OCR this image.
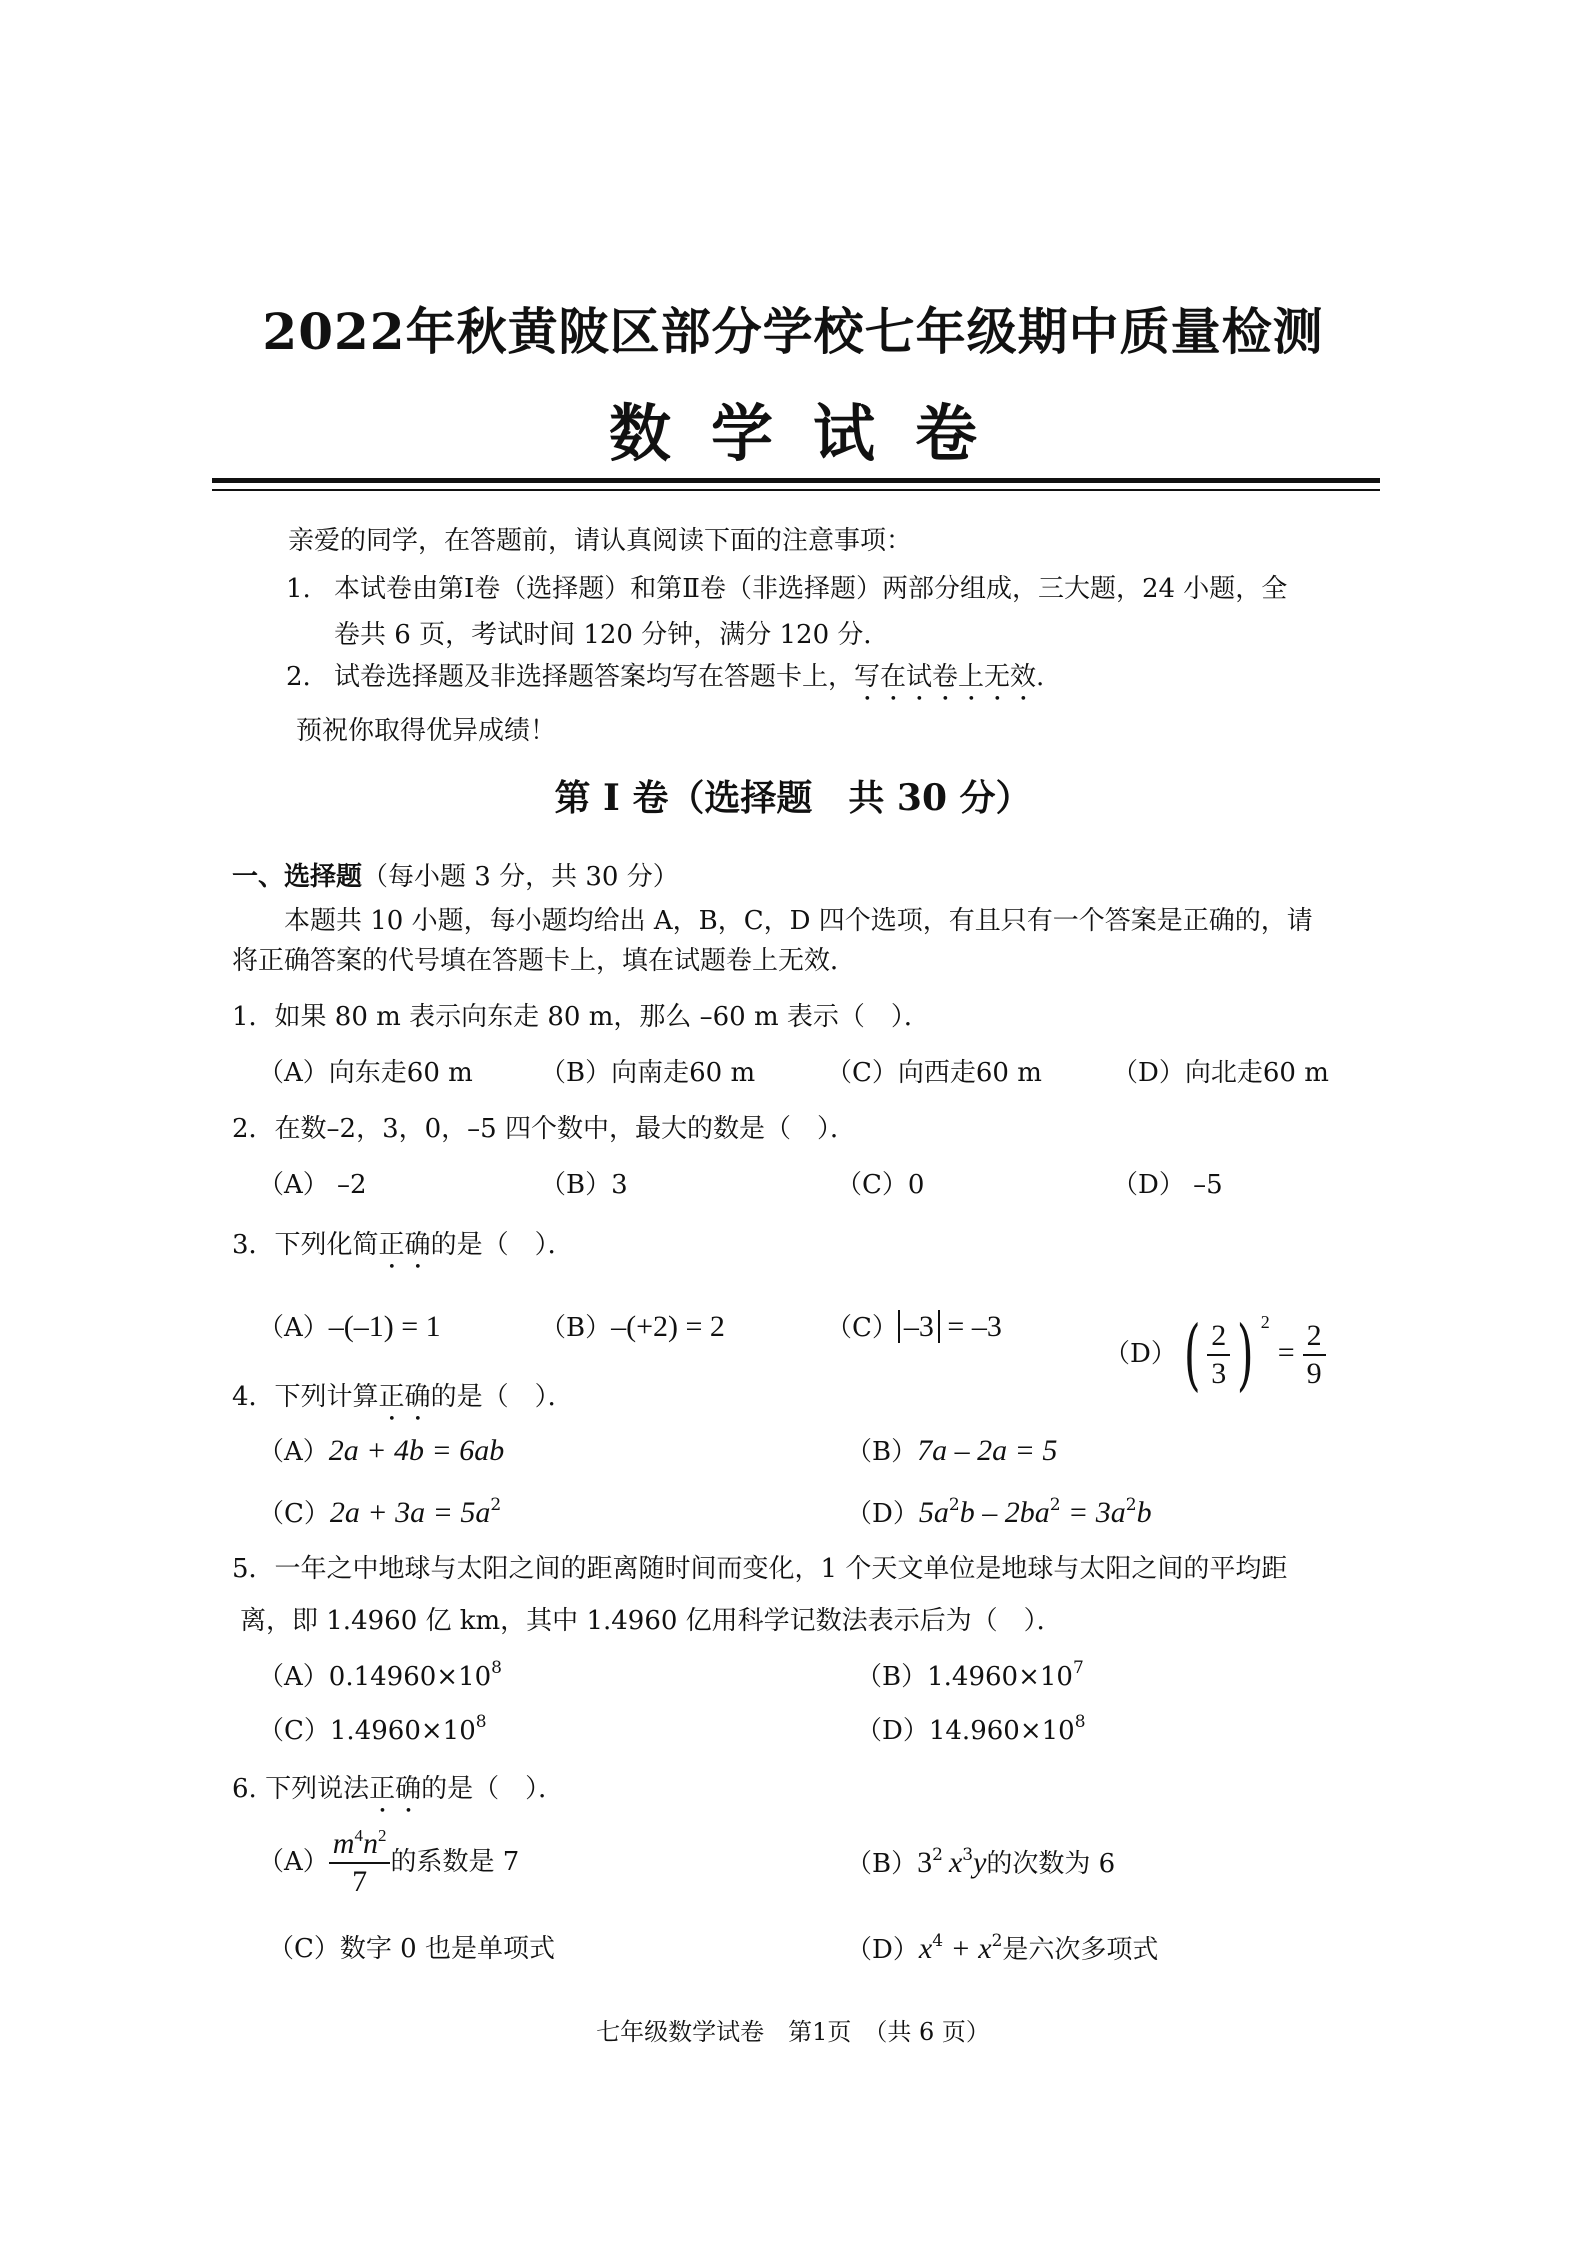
2022年秋黄陂区部分学校七年级期中质量检测
数学试卷
亲爱的同学，在答题前，请认真阅读下面的注意事项：
1. 本试卷由第Ⅰ卷（选择题）和第Ⅱ卷（非选择题）两部分组成，三大题，24 小题，全
卷共 6 页，考试时间 120 分钟，满分 120 分．
2. 试卷选择题及非选择题答案均写在答题卡上，写在试卷上无效.
预祝你取得优异成绩！
第 I 卷（选择题　共 30 分）
一、选择题（每小题 3 分，共 30 分）
本题共 10 小题，每小题均给出 A，B，C，D 四个选项，有且只有一个答案是正确的，请
将正确答案的代号填在答题卡上，填在试题卷上无效．
1．如果 80 m 表示向东走 80 m，那么 –60 m 表示（　）．
（A）向东走60 m	（B）向南走60 m	（C）向西走60 m	（D）向北走60 m
2．在数–2，3，0，–5 四个数中，最大的数是（　）．
（A） –2	（B）3	（C）0	（D） –5
3．下列化简正确的是（　）．
（A）–(–1) = 1	（B）–(+2) = 2	（C） –3 = –3
$(D)( \frac{2}{3}$ ) $^2= \frac{2}{9}$
4．下列计算正确的是（　）．
（A）2a + 4b = 6ab	（B）7a – 2a = 5
$(C)2a + 3a = 5a^2$	$(D)5a^2b - 2ba^2 = 3a^2b$
5．一年之中地球与太阳之间的距离随时间而变化，1 个天文单位是地球与太阳之间的平均距
离，即 1.4960 亿 km，其中 1.4960 亿用科学记数法表示后为（　）．
$(A)0.14960\times 10^8$	$(B)1.4960\times 10^7$
$(C)1.4960\times 10^8$	$(D)14.960\times 10^8$
6. 下列说法正确的是（　）．
$(A) \frac{m^4n^2}{7}$ 的系数是 7	$(B)3^2$ $x^3y$的次数为 6
（C）数字 0 也是单项式	$(D)x^4 + x^2$是六次多项式
七年级数学试卷　第1页　（共 6 页）
